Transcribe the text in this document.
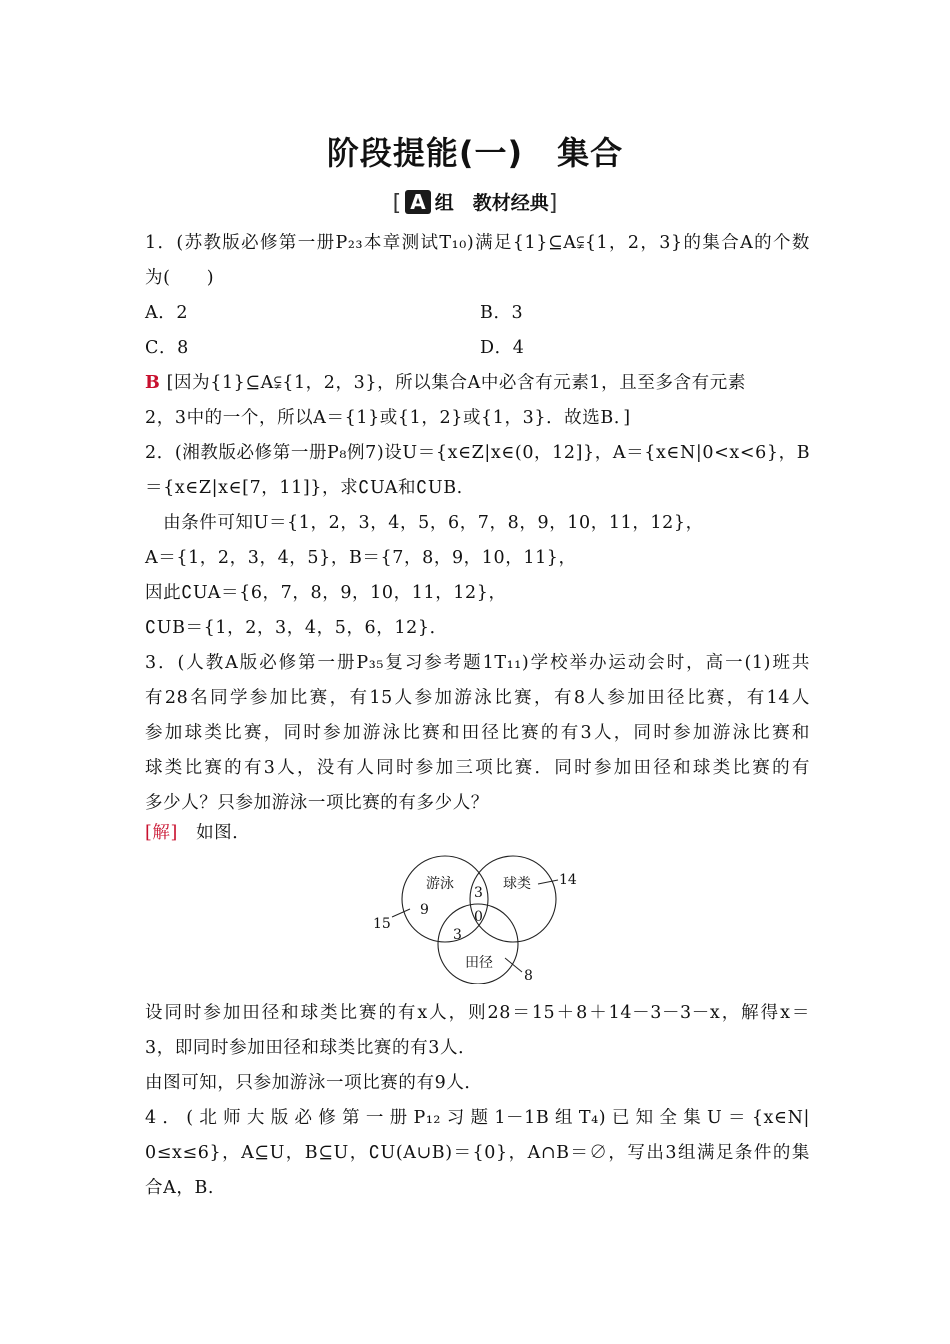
阶段提能(一) 集合
[ A 组　教材经典]
1．(苏教版必修第一册P₂₃本章测试T₁₀)满足{1}⊆A⫋{1，2，3}的集合A的个数
为(　　)
A．2	B．3
C．8	D．4
B [因为{1}⊆A⫋{1，2，3}，所以集合A中必含有元素1，且至多含有元素
2，3中的一个，所以A＝{1}或{1，2}或{1，3}．故选B．]
2．(湘教版必修第一册P₈例7)设U＝{x∈Z|x∈(0，12]}，A＝{x∈N|0<x<6}，B
＝{x∈Z|x∈[7，11]}，求∁UA和∁UB.
　由条件可知U＝{1，2，3，4，5，6，7，8，9，10，11，12}，
A＝{1，2，3，4，5}，B＝{7，8，9，10，11}，
因此∁UA＝{6，7，8，9，10，11，12}，
∁UB＝{1，2，3，4，5，6，12}．
3．(人教A版必修第一册P₃₅复习参考题1T₁₁)学校举办运动会时，高一(1)班共
有28名同学参加比赛，有15人参加游泳比赛，有8人参加田径比赛，有14人
参加球类比赛，同时参加游泳比赛和田径比赛的有3人，同时参加游泳比赛和
球类比赛的有3人，没有人同时参加三项比赛．同时参加田径和球类比赛的有
多少人？只参加游泳一项比赛的有多少人？
[解]　 如图．
游泳	球类
田径
9
3
0
3
15
14
8
设同时参加田径和球类比赛的有x人，则28＝15＋8＋14－3－3－x，解得x＝
3，即同时参加田径和球类比赛的有3人．
由图可知，只参加游泳一项比赛的有9人．
4．(北师大版必修第一册P₁₂习题1－1B组T₄)已知全集U＝{x∈N|
0≤x≤6}，A⊆U，B⊆U，∁U(A∪B)＝{0}，A∩B＝∅，写出3组满足条件的集
合A，B.
